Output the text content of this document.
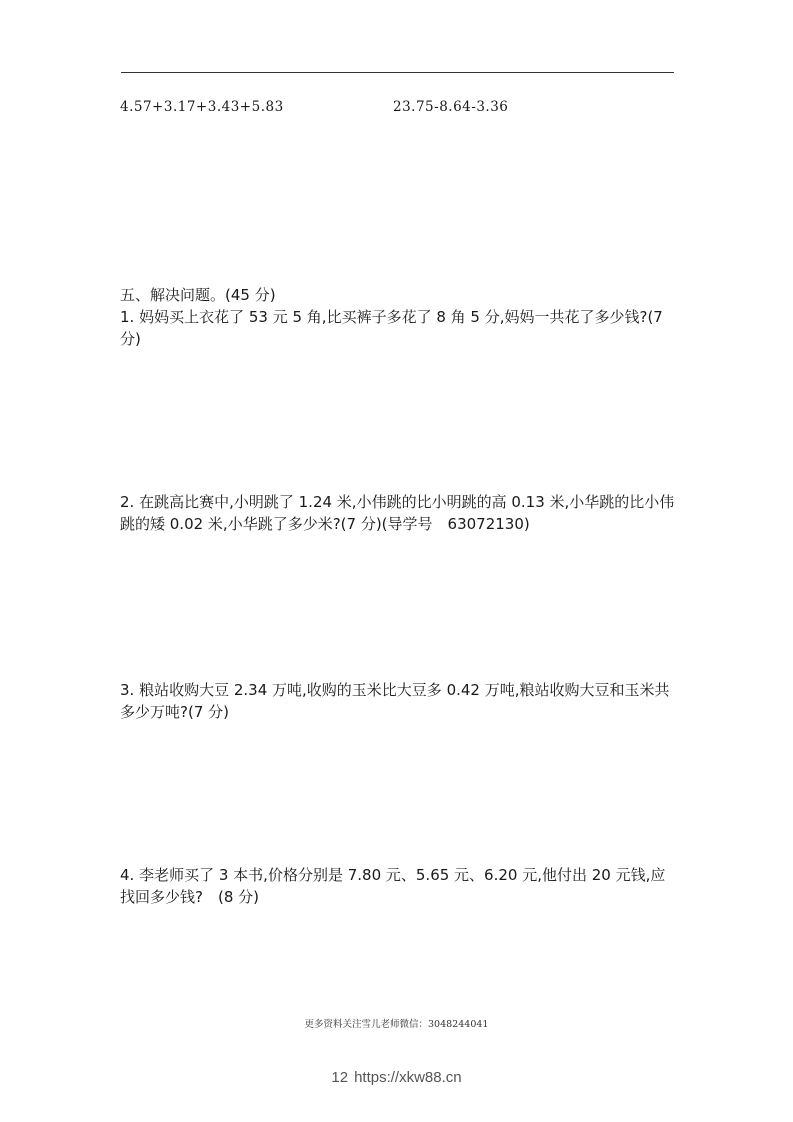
4.57+3.17+3.43+5.83	23.75-8.64-3.36
五、解决问题。(45 分)
1. 妈妈买上衣花了 53 元 5 角,比买裤子多花了 8 角 5 分,妈妈一共花了多少钱?(7 分)
2. 在跳高比赛中,小明跳了 1.24 米,小伟跳的比小明跳的高 0.13 米,小华跳的比小伟跳的矮 0.02 米,小华跳了多少米?(7 分)(导学号　63072130)
3. 粮站收购大豆 2.34 万吨,收购的玉米比大豆多 0.42 万吨,粮站收购大豆和玉米共多少万吨?(7 分)
4. 李老师买了 3 本书,价格分别是 7.80 元、5.65 元、6.20 元,他付出 20 元钱,应找回多少钱?　(8 分)
更多资料关注雪儿老师微信：3048244041
12 https://xkw88.cn
